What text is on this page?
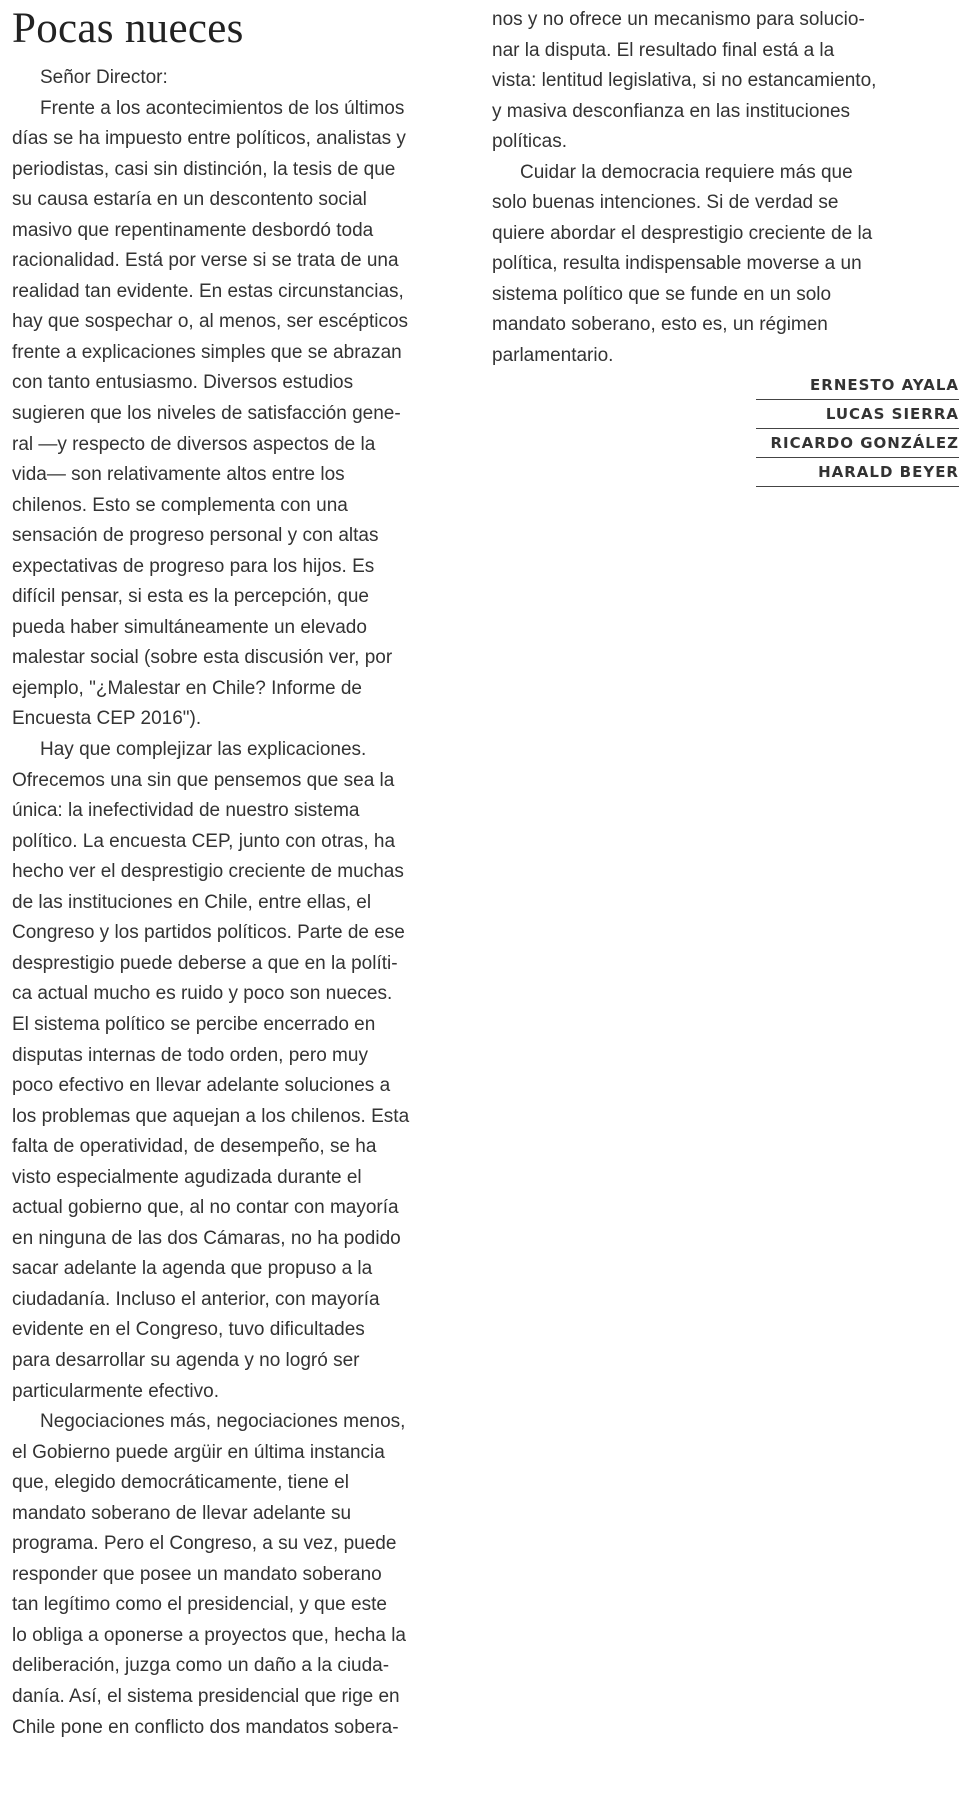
Pocas nueces
Señor Director:
Frente a los acontecimientos de los últimos
días se ha impuesto entre políticos, analistas y
periodistas, casi sin distinción, la tesis de que
su causa estaría en un descontento social
masivo que repentinamente desbordó toda
racionalidad. Está por verse si se trata de una
realidad tan evidente. En estas circunstancias,
hay que sospechar o, al menos, ser escépticos
frente a explicaciones simples que se abrazan
con tanto entusiasmo. Diversos estudios
sugieren que los niveles de satisfacción gene-
ral —y respecto de diversos aspectos de la
vida— son relativamente altos entre los
chilenos. Esto se complementa con una
sensación de progreso personal y con altas
expectativas de progreso para los hijos. Es
difícil pensar, si esta es la percepción, que
pueda haber simultáneamente un elevado
malestar social (sobre esta discusión ver, por
ejemplo, "¿Malestar en Chile? Informe de
Encuesta CEP 2016").
Hay que complejizar las explicaciones.
Ofrecemos una sin que pensemos que sea la
única: la inefectividad de nuestro sistema
político. La encuesta CEP, junto con otras, ha
hecho ver el desprestigio creciente de muchas
de las instituciones en Chile, entre ellas, el
Congreso y los partidos políticos. Parte de ese
desprestigio puede deberse a que en la políti-
ca actual mucho es ruido y poco son nueces.
El sistema político se percibe encerrado en
disputas internas de todo orden, pero muy
poco efectivo en llevar adelante soluciones a
los problemas que aquejan a los chilenos. Esta
falta de operatividad, de desempeño, se ha
visto especialmente agudizada durante el
actual gobierno que, al no contar con mayoría
en ninguna de las dos Cámaras, no ha podido
sacar adelante la agenda que propuso a la
ciudadanía. Incluso el anterior, con mayoría
evidente en el Congreso, tuvo dificultades
para desarrollar su agenda y no logró ser
particularmente efectivo.
Negociaciones más, negociaciones menos,
el Gobierno puede argüir en última instancia
que, elegido democráticamente, tiene el
mandato soberano de llevar adelante su
programa. Pero el Congreso, a su vez, puede
responder que posee un mandato soberano
tan legítimo como el presidencial, y que este
lo obliga a oponerse a proyectos que, hecha la
deliberación, juzga como un daño a la ciuda-
danía. Así, el sistema presidencial que rige en
Chile pone en conflicto dos mandatos sobera-
nos y no ofrece un mecanismo para solucio-
nar la disputa. El resultado final está a la
vista: lentitud legislativa, si no estancamiento,
y masiva desconfianza en las instituciones
políticas.
Cuidar la democracia requiere más que
solo buenas intenciones. Si de verdad se
quiere abordar el desprestigio creciente de la
política, resulta indispensable moverse a un
sistema político que se funde en un solo
mandato soberano, esto es, un régimen
parlamentario.
ERNESTO AYALA
LUCAS SIERRA
RICARDO GONZÁLEZ
HARALD BEYER
